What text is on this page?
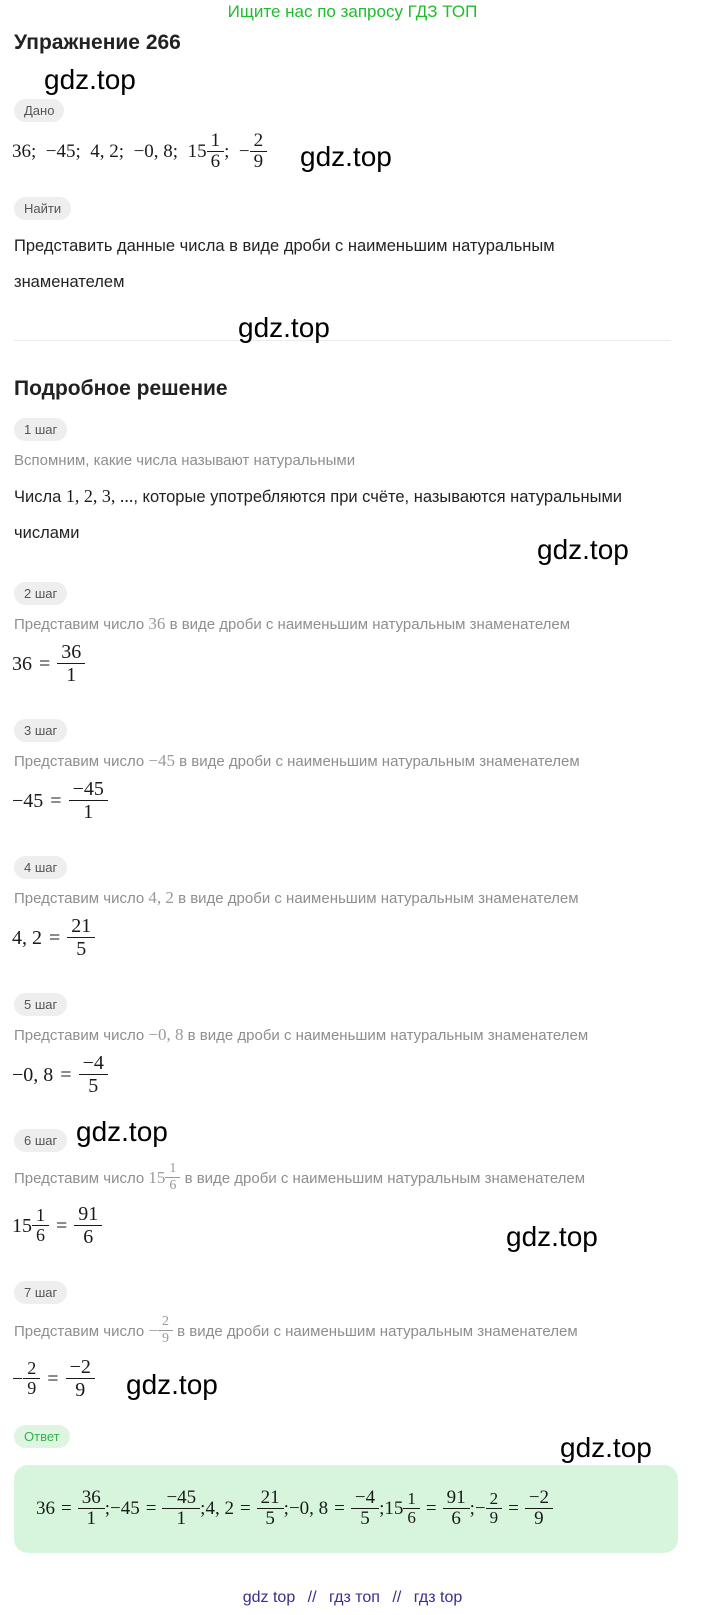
Ищите нас по запросу ГДЗ ТОП
Упражнение 266
gdz.top
Дано
36 ; −45 ; 4, 2 ; −0, 8 ; $15 \frac{1}{6}$ ; − $\frac{2}{9} gdz.top$
Найти
Представить данные числа в виде дроби с наименьшим натуральным знаменателем
gdz.top
Подробное решение
1 шаг
Вспомним, какие числа называют натуральными
Числа 1, 2, 3, ..., которые употребляются при счёте, называются натуральными числами
gdz.top
2 шаг
Представим число 36 в виде дроби с наименьшим натуральным знаменателем
$36 = \frac{36}{1}$
3 шаг
Представим число −45 в виде дроби с наименьшим натуральным знаменателем
$-45 = \frac{-45}{1}$
4 шаг
Представим число 4, 2 в виде дроби с наименьшим натуральным знаменателем
4, $2 = \frac{21}{5}$
5 шаг
Представим число −0, 8 в виде дроби с наименьшим натуральным знаменателем
−0, $8 = \frac{-4}{5}$
6 шаг gdz.top
Представим число
$15 \frac{1}{6}$
в виде дроби с наименьшим натуральным знаменателем
$15 \frac{1}{6} = \frac{91}{6}$	gdz.top
7 шаг
Представим число
− $\frac{2}{9}$
в виде дроби с наименьшим натуральным знаменателем
− $\frac{2}{9} = \frac{-2}{9} gdz.top$
Ответ	gdz.top
$36 = \frac{36}{1}$ ; $-45 = \frac{-45}{1}$ ; 4, $2 = \frac{21}{5}$ ; −0, $8 = \frac{-4}{5}$ ; $15 \frac{1}{6} = \frac{91}{6}$ ; − $\frac{2}{9} = \frac{-2}{9}$
gdz top // гдз топ // гдз top
